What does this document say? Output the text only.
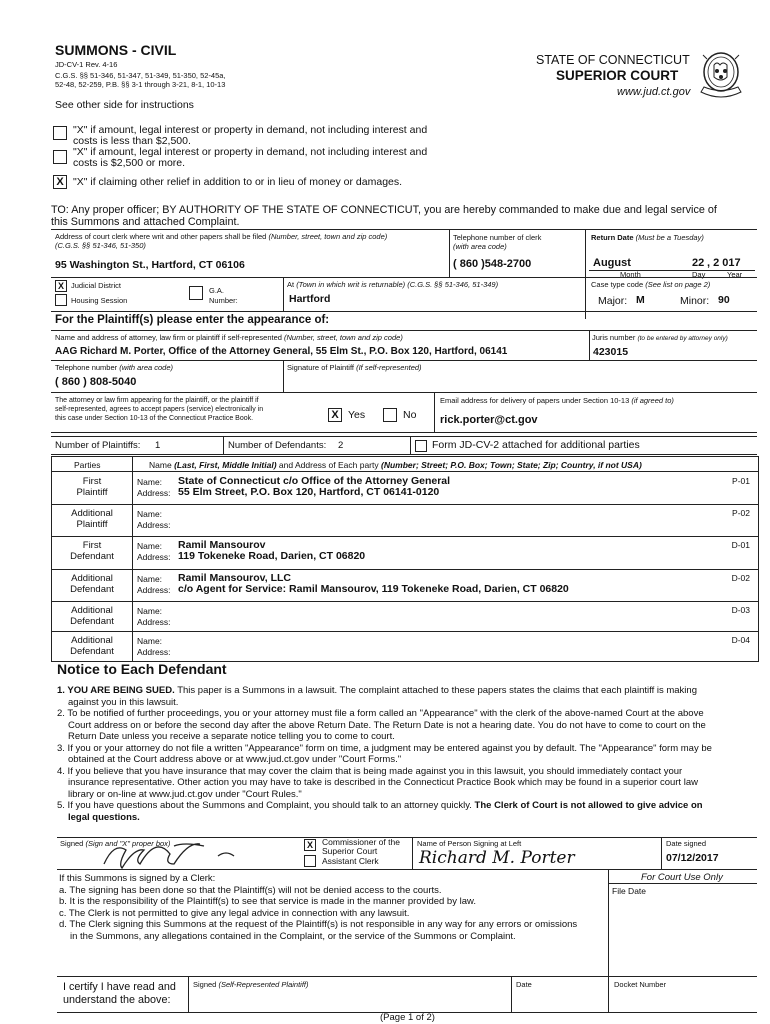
SUMMONS - CIVIL
JD-CV-1 Rev. 4-16
C.G.S. §§ 51-346, 51-347, 51-349, 51-350, 52-45a,
52-48, 52-259, P.B. §§ 3-1 through 3-21, 8-1, 10-13
See other side for instructions
STATE OF CONNECTICUT
SUPERIOR COURT
www.jud.ct.gov
"X" if amount, legal interest or property in demand, not including interest and
costs is less than $2,500.
"X" if amount, legal interest or property in demand, not including interest and
costs is $2,500 or more.
X "X" if claiming other relief in addition to or in lieu of money or damages.
TO: Any proper officer; BY AUTHORITY OF THE STATE OF CONNECTICUT, you are hereby commanded to make due and legal service of
this Summons and attached Complaint.
Address of court clerk where writ and other papers shall be filed (Number, street, town and zip code)
(C.G.S. §§ 51-346, 51-350)
95 Washington St., Hartford, CT 06106
Telephone number of clerk
(with area code)
( 860 )548-2700
Return Date (Must be a Tuesday)
August	22 , 2 017
Month	Day	Year
X Judicial District
Housing Session
G.A.
Number:
At (Town in which writ is returnable) (C.G.S. §§ 51-346, 51-349)
Hartford
Case type code (See list on page 2)
Major: M	Minor: 90
For the Plaintiff(s) please enter the appearance of:
Name and address of attorney, law firm or plaintiff if self-represented (Number, street, town and zip code)
AAG Richard M. Porter, Office of the Attorney General, 55 Elm St., P.O. Box 120, Hartford, 06141
Juris number (to be entered by attorney only)
423015
Telephone number (with area code)
( 860 ) 808-5040
Signature of Plaintiff (If self-represented)
The attorney or law firm appearing for the plaintiff, or the plaintiff if
self-represented, agrees to accept papers (service) electronically in
this case under Section 10-13 of the Connecticut Practice Book.	X Yes	No
Email address for delivery of papers under Section 10-13 (if agreed to)
rick.porter@ct.gov
Number of Plaintiffs: 1	Number of Defendants: 2	Form JD-CV-2 attached for additional parties
Parties	Name (Last, First, Middle Initial) and Address of Each party (Number; Street; P.O. Box; Town; State; Zip; Country, if not USA)
First
Plaintiff
Name:
Address:
State of Connecticut c/o Office of the Attorney General
55 Elm Street, P.O. Box 120, Hartford, CT 06141-0120
P-01
Additional
Plaintiff
Name:
Address:
P-02
First
Defendant
Name:
Address:
Ramil Mansourov
119 Tokeneke Road, Darien, CT 06820
D-01
Additional
Defendant
Name:
Address:
Ramil Mansourov, LLC
c/o Agent for Service: Ramil Mansourov, 119 Tokeneke Road, Darien, CT 06820
D-02
Additional
Defendant
Name:
Address:
D-03
Additional
Defendant
Name:
Address:
D-04
Notice to Each Defendant
1. YOU ARE BEING SUED. This paper is a Summons in a lawsuit. The complaint attached to these papers states the claims that each plaintiff is making
against you in this lawsuit.
2. To be notified of further proceedings, you or your attorney must file a form called an "Appearance" with the clerk of the above-named Court at the above
Court address on or before the second day after the above Return Date. The Return Date is not a hearing date. You do not have to come to court on the
Return Date unless you receive a separate notice telling you to come to court.
3. If you or your attorney do not file a written "Appearance" form on time, a judgment may be entered against you by default. The "Appearance" form may be
obtained at the Court address above or at www.jud.ct.gov under "Court Forms."
4. If you believe that you have insurance that may cover the claim that is being made against you in this lawsuit, you should immediately contact your
insurance representative. Other action you may have to take is described in the Connecticut Practice Book which may be found in a superior court law
library or on-line at www.jud.ct.gov under "Court Rules."
5. If you have questions about the Summons and Complaint, you should talk to an attorney quickly. The Clerk of Court is not allowed to give advice on
legal questions.
Signed (Sign and "X" proper box)	X	Commissioner of the
Superior Court
Assistant Clerk
Name of Person Signing at Left
Richard M. Porter
Date signed
07/12/2017
If this Summons is signed by a Clerk:
a. The signing has been done so that the Plaintiff(s) will not be denied access to the courts.
b. It is the responsibility of the Plaintiff(s) to see that service is made in the manner provided by law.
c. The Clerk is not permitted to give any legal advice in connection with any lawsuit.
d. The Clerk signing this Summons at the request of the Plaintiff(s) is not responsible in any way for any errors or omissions
in the Summons, any allegations contained in the Complaint, or the service of the Summons or Complaint.
For Court Use Only
File Date
I certify I have read and
understand the above:
Signed (Self-Represented Plaintiff)	Date	Docket Number
(Page 1 of 2)
